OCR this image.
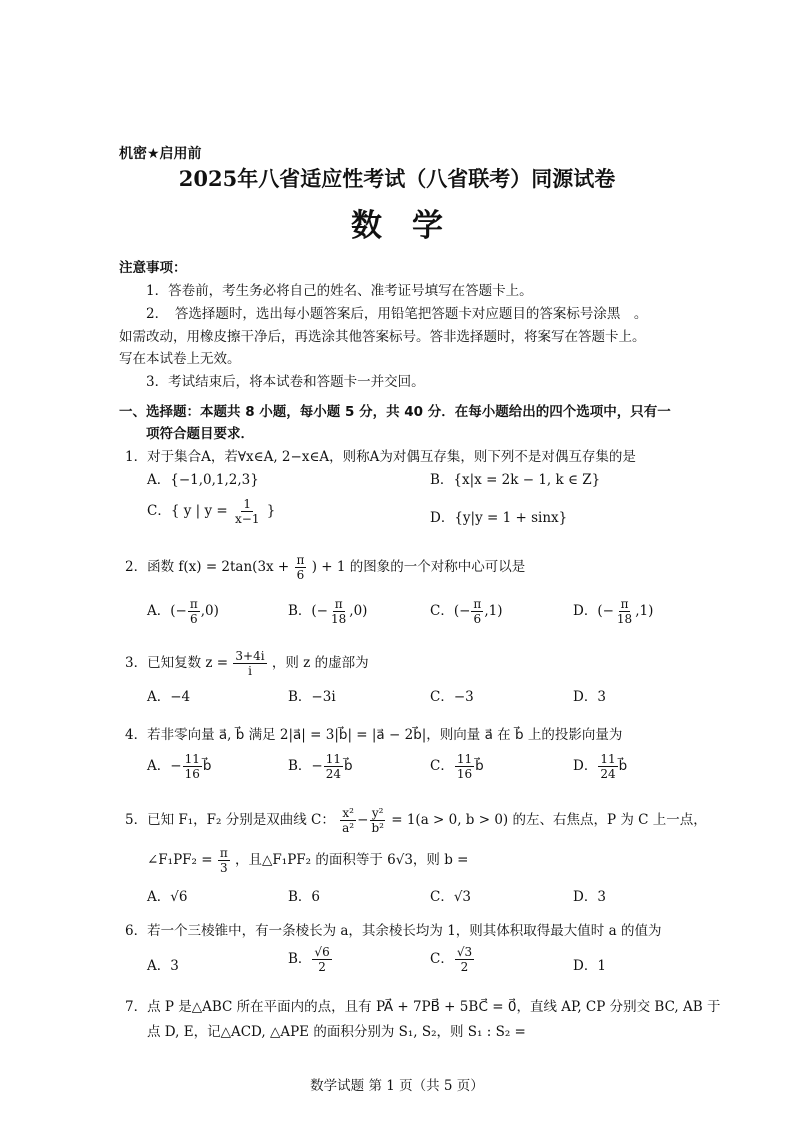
机密★启用前
2025年八省适应性考试（八省联考）同源试卷
数学
注意事项：
1．答卷前，考生务必将自己的姓名、准考证号填写在答题卡上。
2．　答选择题时，选出每小题答案后，用铅笔把答题卡对应题目的答案标号涂黑　。
如需改动，用橡皮擦干净后，再选涂其他答案标号。答非选择题时，将案写在答题卡上。
写在本试卷上无效。
3．考试结束后，将本试卷和答题卡一并交回。
一、选择题：本题共 8 小题，每小题 5 分，共 40 分．在每小题给出的四个选项中，只有一
项符合题目要求．
1．对于集合A，若∀x∈A, 2−x∈A，则称A为对偶互存集，则下列不是对偶互存集的是
A．{−1,0,1,2,3}	B．{x|x = 2k − 1, k ∈ Z}
C．{ y | $y = \frac{1}{x-1}$ }	D．{y|y = 1 + sinx}
2．函数 $f(x) = 2\tan(3x + \frac{\pi}{6}$ ) + 1 的图象的一个对称中心可以是
A．(− $\frac{\pi}{6} ,0$)	B．(− $\frac{\pi}{18} ,0$)	C．(− $\frac{\pi}{6} ,1$)	D．(− $\frac{\pi}{18} ,1$)
3．已知复数 $z = \frac{3+4i}{i}$ ，则 z 的虚部为
A．−4	B．−3i	C．−3	D．3
4．若非零向量 a⃗, b⃗ 满足 2|a⃗| = 3|b⃗| = |a⃗ − 2b⃗|，则向量 a⃗ 在 b⃗ 上的投影向量为
A．− $\frac{11}{16}$ b⃗	B．− $\frac{11}{24}$ b⃗	C． $\frac{11}{16}$ b⃗	D． $\frac{11}{24}$ b⃗
5．已知 F₁，F₂ 分别是双曲线 C： $\frac{\text{x²}}{\text{a²}} - \frac{\text{y²}}{\text{b²}} = 1(a > 0$, b > 0) 的左、右焦点，P 为 C 上一点，
∠F₁PF₂ = $\frac{\pi}{3}$ ，且△F₁PF₂ 的面积等于 6√3，则 b =
A．√6	B．6	C．√3	D．3
6．若一个三棱锥中，有一条棱长为 a，其余棱长均为 1，则其体积取得最大值时 a 的值为
A．3	B． $\frac{√6}{2}$	C． $\frac{√3}{2}$	D．1
7．点 P 是△ABC 所在平面内的点，且有 PA⃗ + 7PB⃗ + 5BC⃗ = 0⃗，直线 AP, CP 分别交 BC, AB 于
点 D, E，记△ACD, △APE 的面积分别为 S₁, S₂，则 S₁ : S₂ =
数学试题 第 1 页（共 5 页）
